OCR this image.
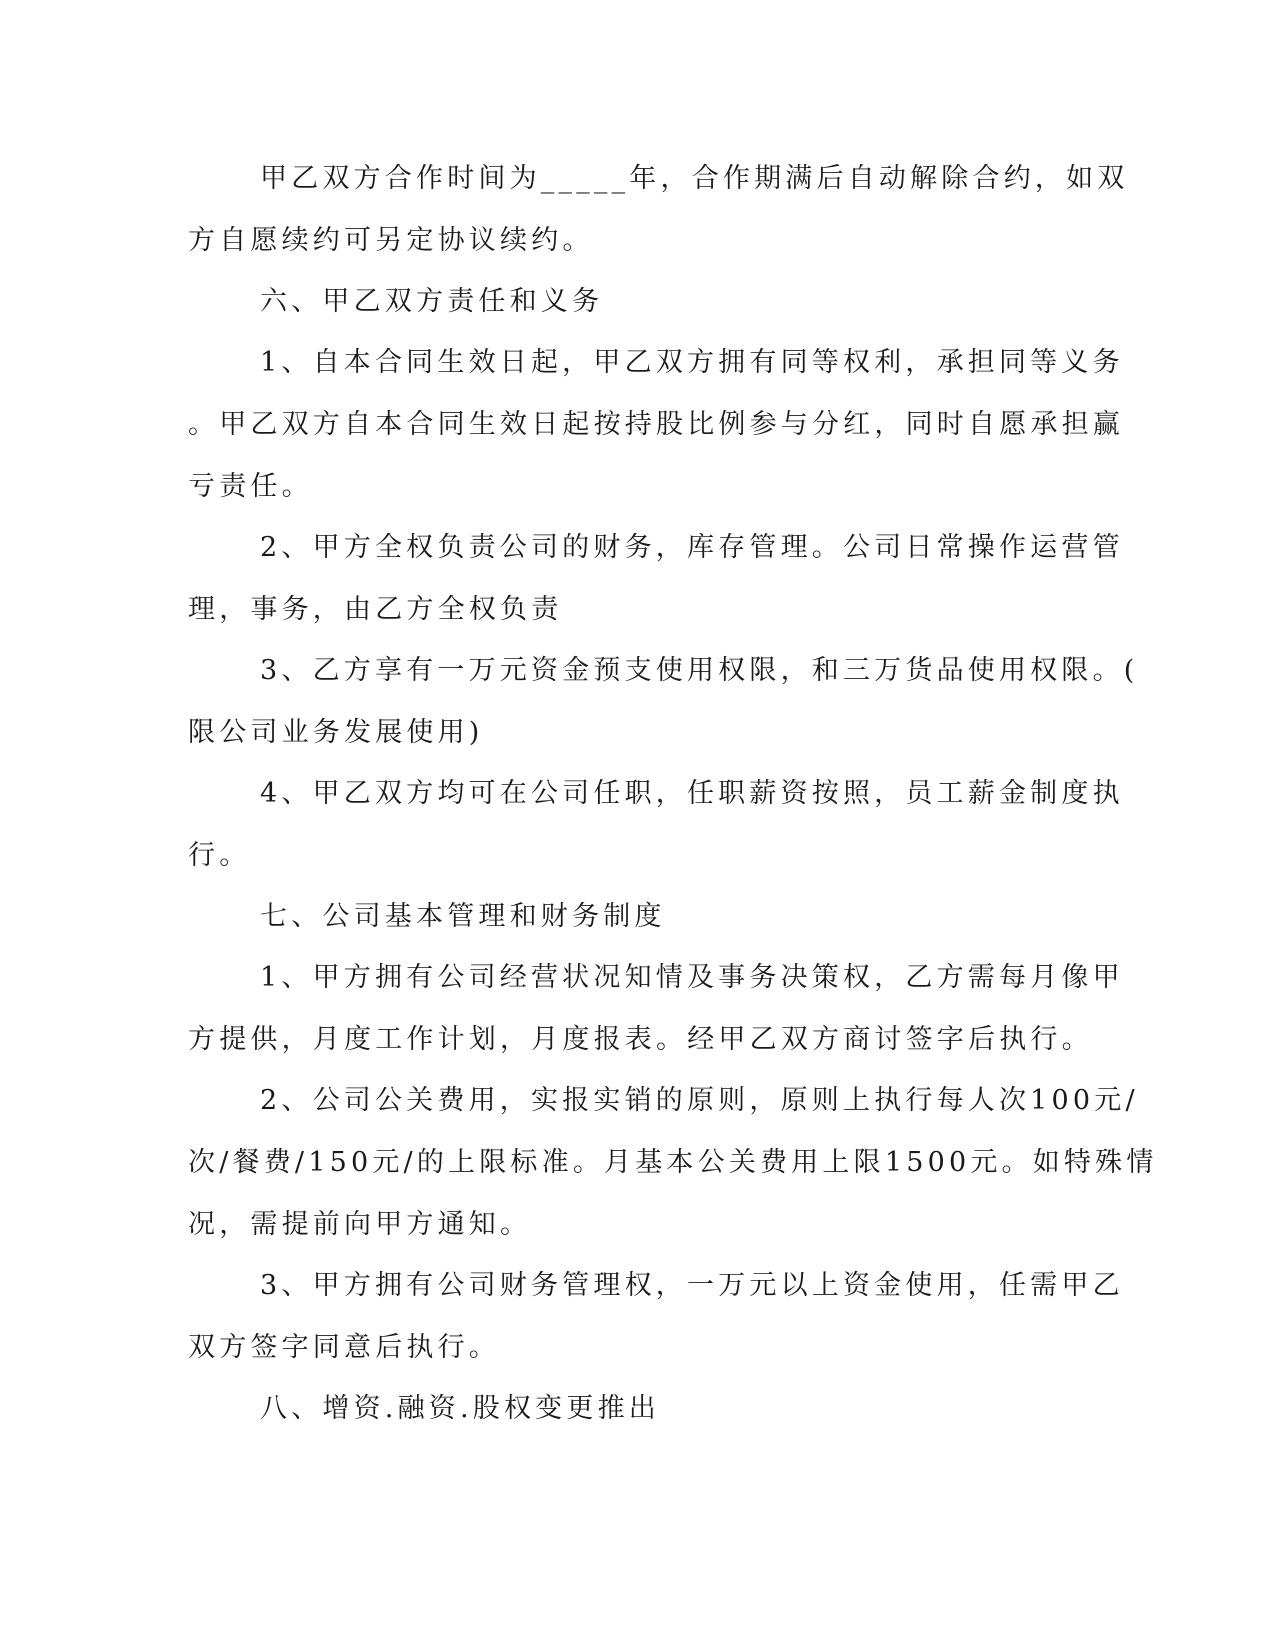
甲乙双方合作时间为_____年，合作期满后自动解除合约，如双

方自愿续约可另定协议续约。

六、甲乙双方责任和义务

1、自本合同生效日起，甲乙双方拥有同等权利，承担同等义务

。甲乙双方自本合同生效日起按持股比例参与分红，同时自愿承担赢

亏责任。

2、甲方全权负责公司的财务，库存管理。公司日常操作运营管

理，事务，由乙方全权负责

3、乙方享有一万元资金预支使用权限，和三万货品使用权限。(

限公司业务发展使用)

4、甲乙双方均可在公司任职，任职薪资按照，员工薪金制度执

行。

七、公司基本管理和财务制度

1、甲方拥有公司经营状况知情及事务决策权，乙方需每月像甲

方提供，月度工作计划，月度报表。经甲乙双方商讨签字后执行。

2、公司公关费用，实报实销的原则，原则上执行每人次100元/

次/餐费/150元/的上限标准。月基本公关费用上限1500元。如特殊情

况，需提前向甲方通知。

3、甲方拥有公司财务管理权，一万元以上资金使用，任需甲乙

双方签字同意后执行。

八、增资.融资.股权变更推出
